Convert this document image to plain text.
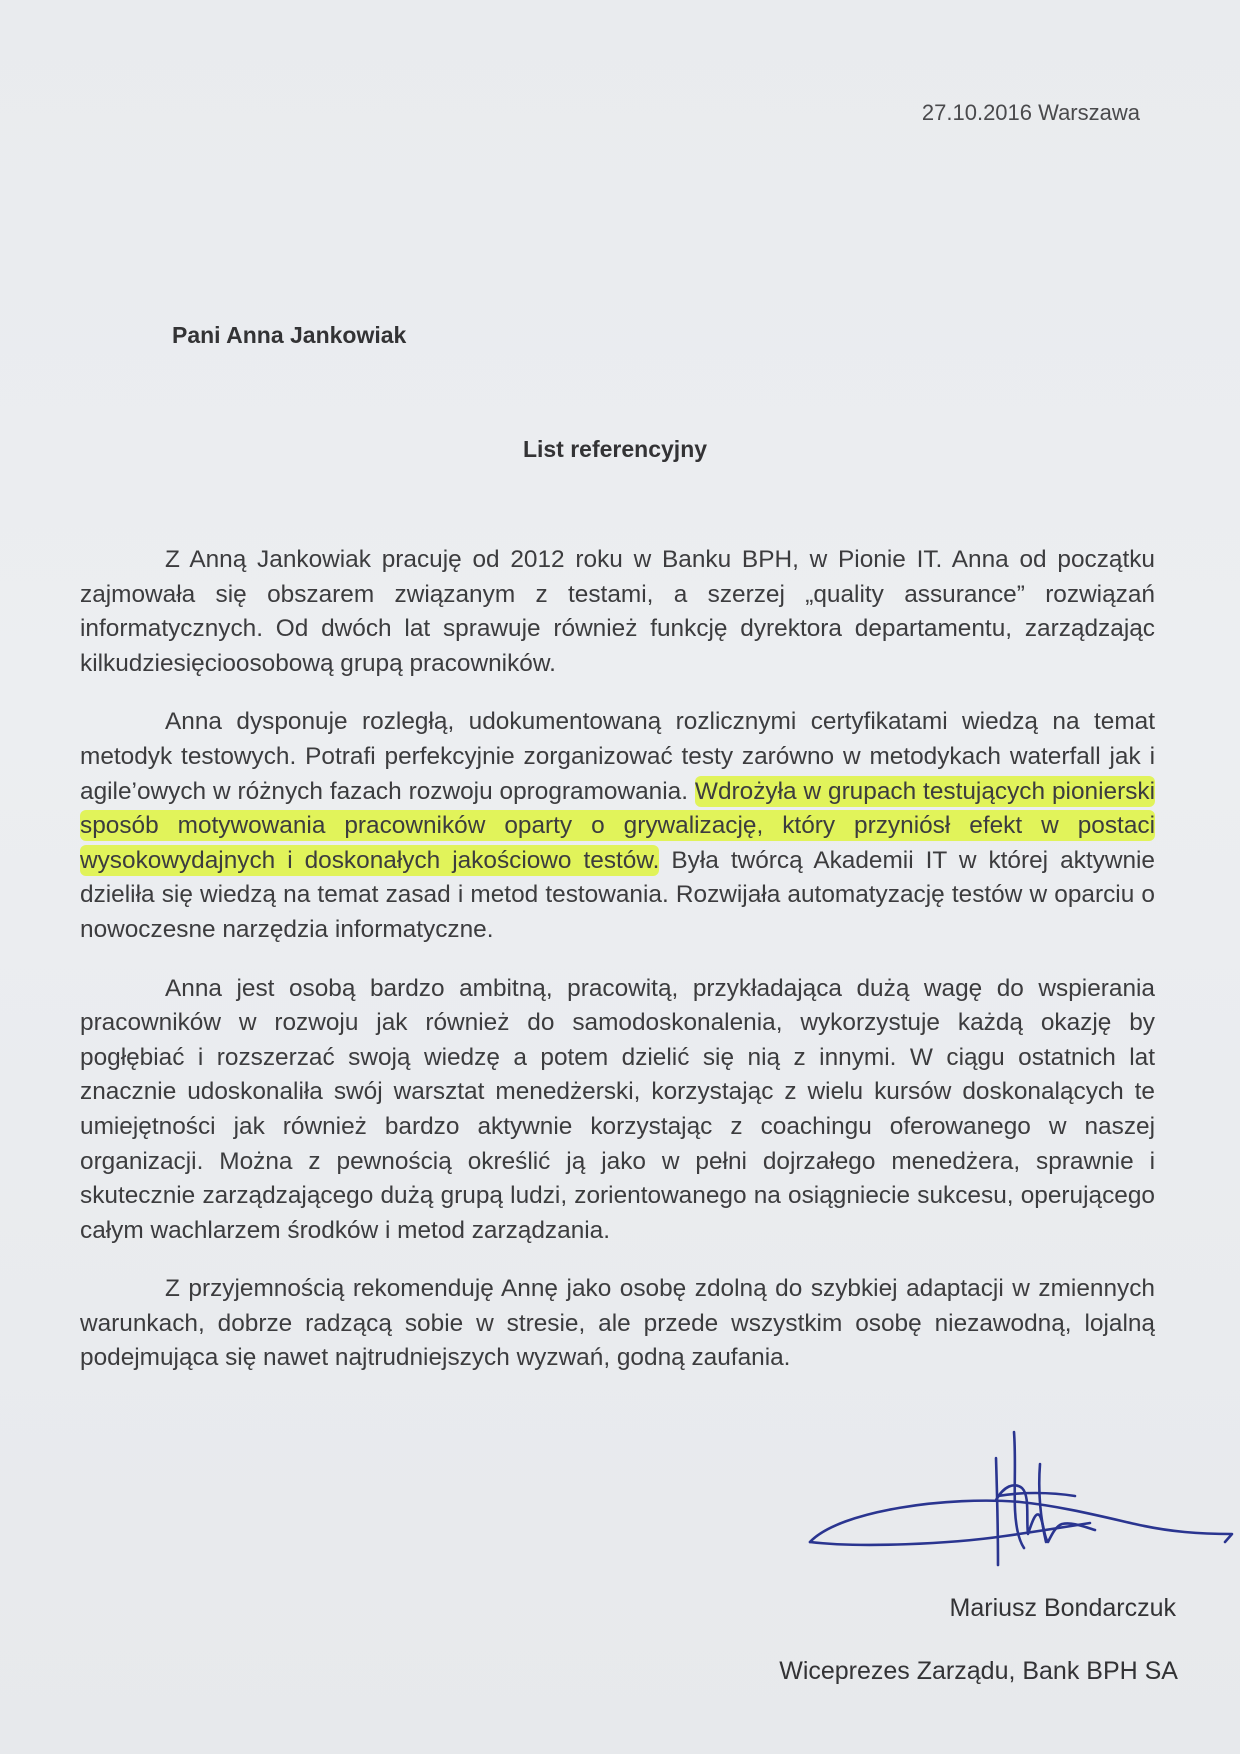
27.10.2016 Warszawa
Pani Anna Jankowiak
List referencyjny

Z Anną Jankowiak pracuję od 2012 roku w Banku BPH, w Pionie IT. Anna od początku zajmowała się obszarem związanym z testami, a szerzej „quality assurance” rozwiązań informatycznych. Od dwóch lat sprawuje również funkcję dyrektora departamentu, zarządzając kilkudziesięcioosobową grupą pracowników.

Anna dysponuje rozległą, udokumentowaną rozlicznymi certyfikatami wiedzą na temat metodyk testowych. Potrafi perfekcyjnie zorganizować testy zarówno w metodykach waterfall jak i agile’owych w różnych fazach rozwoju oprogramowania. Wdrożyła w grupach testujących pionierski sposób motywowania pracowników oparty o grywalizację, który przyniósł efekt w postaci wysokowydajnych i doskonałych jakościowo testów. Była twórcą Akademii IT w której aktywnie dzieliła się wiedzą na temat zasad i metod testowania. Rozwijała automatyzację testów w oparciu o nowoczesne narzędzia informatyczne.

Anna jest osobą bardzo ambitną, pracowitą, przykładająca dużą wagę do wspierania pracowników w rozwoju jak również do samodoskonalenia, wykorzystuje każdą okazję by pogłębiać i rozszerzać swoją wiedzę a potem dzielić się nią z innymi. W ciągu ostatnich lat znacznie udoskonaliła swój warsztat menedżerski, korzystając z wielu kursów doskonalących te umiejętności jak również bardzo aktywnie korzystając z coachingu oferowanego w naszej organizacji. Można z pewnością określić ją jako w pełni dojrzałego menedżera, sprawnie i skutecznie zarządzającego dużą grupą ludzi, zorientowanego na osiągniecie sukcesu, operującego całym wachlarzem środków i metod zarządzania.

Z przyjemnością rekomenduję Annę jako osobę zdolną do szybkiej adaptacji w zmiennych warunkach, dobrze radzącą sobie w stresie, ale przede wszystkim osobę niezawodną, lojalną podejmująca się nawet najtrudniejszych wyzwań, godną zaufania.

Mariusz Bondarczuk
Wiceprezes Zarządu, Bank BPH SA
